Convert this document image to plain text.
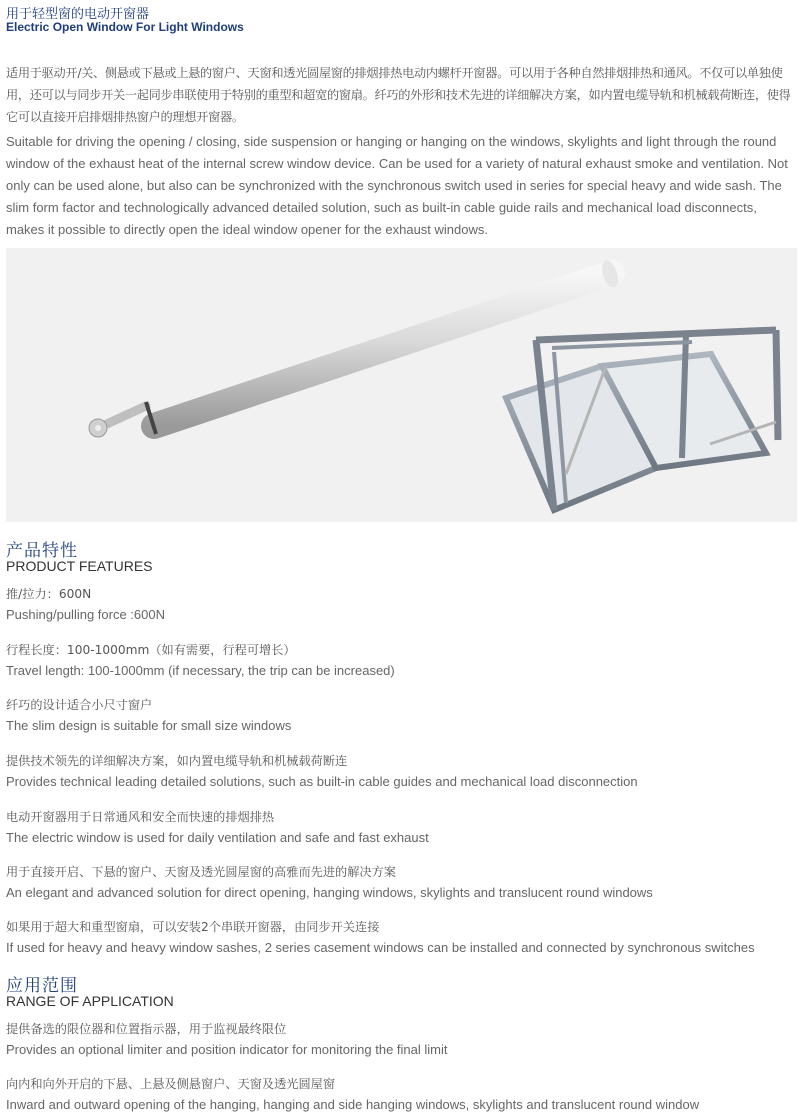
用于轻型窗的电动开窗器
Electric Open Window For Light Windows
适用于驱动开/关、侧悬或下悬或上悬的窗户、天窗和透光圆屋窗的排烟排热电动内螺杆开窗器。可以用于各种自然排烟排热和通风。不仅可以单独使用，还可以与同步开关一起同步串联使用于特别的重型和超宽的窗扇。纤巧的外形和技术先进的详细解决方案，如内置电缆导轨和机械载荷断连，使得它可以直接开启排烟排热窗户的理想开窗器。
Suitable for driving the opening / closing, side suspension or hanging or hanging on the windows, skylights and light through the round window of the exhaust heat of the internal screw window device. Can be used for a variety of natural exhaust smoke and ventilation. Not only can be used alone, but also can be synchronized with the synchronous switch used in series for special heavy and wide sash. The slim form factor and technologically advanced detailed solution, such as built-in cable guide rails and mechanical load disconnects, makes it possible to directly open the ideal window opener for the exhaust windows.
产品特性
PRODUCT FEATURES
推/拉力：600N
Pushing/pulling force :600N
行程长度：100-1000mm（如有需要，行程可增长）
Travel length: 100-1000mm (if necessary, the trip can be increased)
纤巧的设计适合小尺寸窗户
The slim design is suitable for small size windows
提供技术领先的详细解决方案，如内置电缆导轨和机械载荷断连
Provides technical leading detailed solutions, such as built-in cable guides and mechanical load disconnection
电动开窗器用于日常通风和安全而快速的排烟排热
The electric window is used for daily ventilation and safe and fast exhaust
用于直接开启、下悬的窗户、天窗及透光圆屋窗的高雅而先进的解决方案
An elegant and advanced solution for direct opening, hanging windows, skylights and translucent round windows
如果用于超大和重型窗扇，可以安装2个串联开窗器，由同步开关连接
If used for heavy and heavy window sashes, 2 series casement windows can be installed and connected by synchronous switches
应用范围
RANGE OF APPLICATION
提供备选的限位器和位置指示器，用于监视最终限位
Provides an optional limiter and position indicator for monitoring the final limit
向内和向外开启的下悬、上悬及侧悬窗户、天窗及透光圆屋窗
Inward and outward opening of the hanging, hanging and side hanging windows, skylights and translucent round window
